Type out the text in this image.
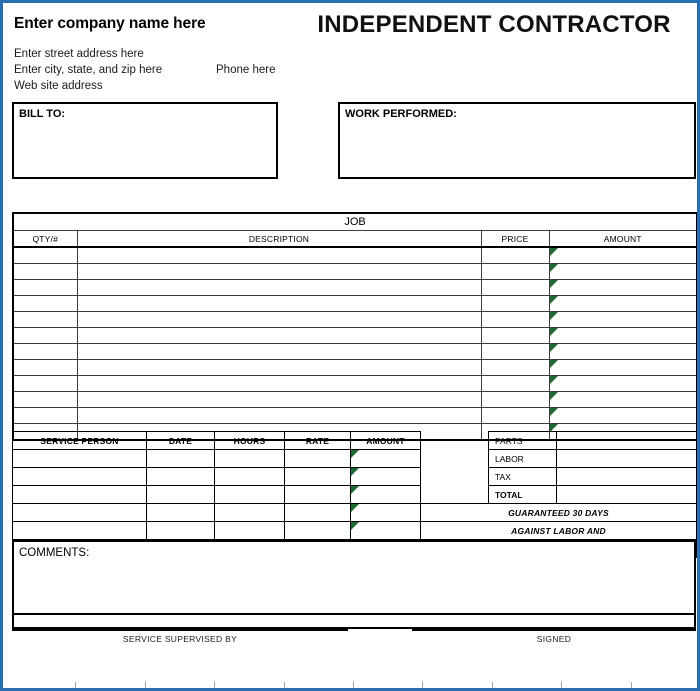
Enter company name here	INDEPENDENT CONTRACTOR
Enter street address here
Enter city, state, and zip here
Web site address
Phone here
BILL TO:	WORK PERFORMED:
JOB			
QTY/#	DESCRIPTION	PRICE	AMOUNT

SERVICE PERSON	DATE	HOURS	RATE	AMOUNT		PARTS	
						LABOR	
						TAX	
						TOTAL	
					GUARANTEED 30 DAYS		
					AGAINST LABOR AND		

COMMENTS:
SERVICE SUPERVISED BY	SIGNED
